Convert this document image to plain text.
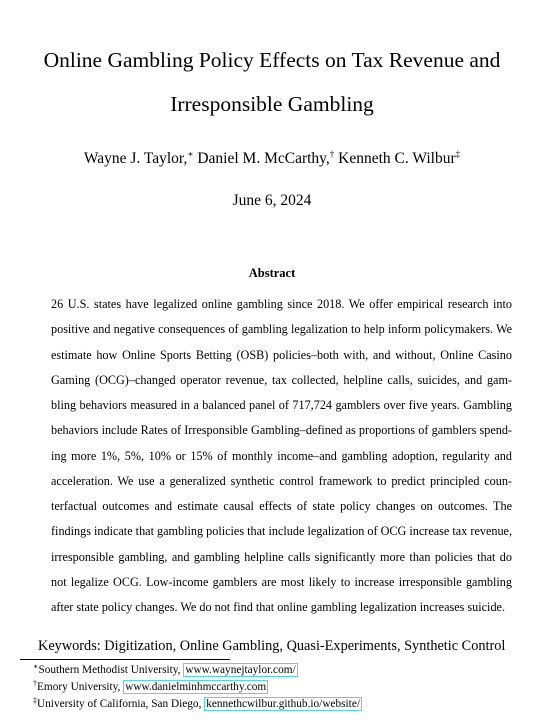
Online Gambling Policy Effects on Tax Revenue and
Irresponsible Gambling
Wayne J. Taylor,∗ Daniel M. McCarthy,† Kenneth C. Wilbur‡
June 6, 2024
Abstract
26 U.S. states have legalized online gambling since 2018. We offer empirical research into
positive and negative consequences of gambling legalization to help inform policymakers. We
estimate how Online Sports Betting (OSB) policies–both with, and without, Online Casino
Gaming (OCG)–changed operator revenue, tax collected, helpline calls, suicides, and gam-
bling behaviors measured in a balanced panel of 717,724 gamblers over five years. Gambling
behaviors include Rates of Irresponsible Gambling–defined as proportions of gamblers spend-
ing more 1%, 5%, 10% or 15% of monthly income–and gambling adoption, regularity and
acceleration. We use a generalized synthetic control framework to predict principled coun-
terfactual outcomes and estimate causal effects of state policy changes on outcomes. The
findings indicate that gambling policies that include legalization of OCG increase tax revenue,
irresponsible gambling, and gambling helpline calls significantly more than policies that do
not legalize OCG. Low-income gamblers are most likely to increase irresponsible gambling
after state policy changes. We do not find that online gambling legalization increases suicide.
Keywords: Digitization, Online Gambling, Quasi-Experiments, Synthetic Control
∗Southern Methodist University, www.waynejtaylor.com/
†Emory University, www.danielminhmccarthy.com
‡University of California, San Diego, kennethcwilbur.github.io/website/
